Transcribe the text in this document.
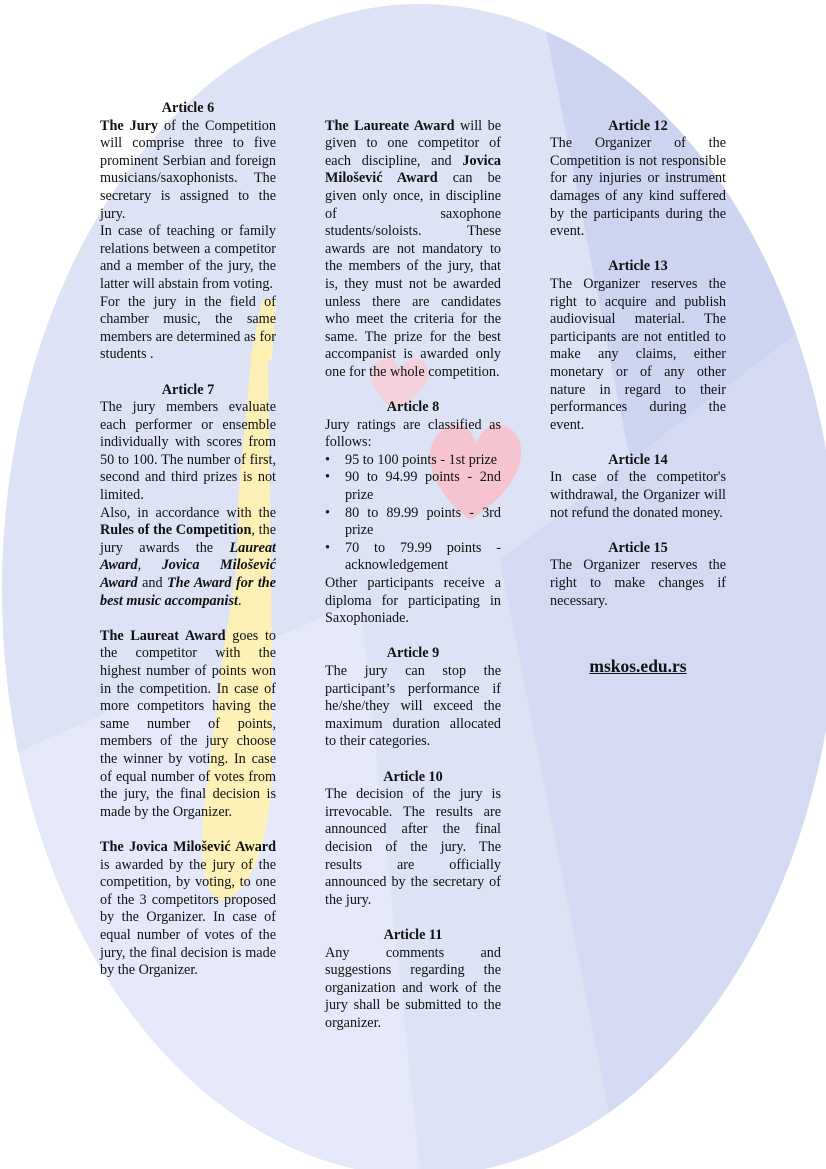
Article 6

The Jury of the Competition will comprise three to five prominent Serbian and foreign musicians/saxophonists. The secretary is assigned to the jury.

In case of teaching or family relations between a competitor and a member of the jury, the latter will abstain from voting.

For the jury in the field of chamber music, the same members are determined as for students .

Article 7

The jury members evaluate each performer or ensemble individually with scores from 50 to 100. The number of first, second and third prizes is not limited.

Also, in accordance with the Rules of the Competition, the jury awards the Laureat Award, Jovica Milošević Award and The Award for the best music accompanist.

The Laureat Award goes to the competitor with the highest number of points won in the competition. In case of more competitors having the same number of points, members of the jury choose the winner by voting. In case of equal number of votes from the jury, the final decision is made by the Organizer.

The Jovica Milošević Award is awarded by the jury of the competition, by voting, to one of the 3 competitors proposed by the Organizer. In case of equal number of votes of the jury, the final decision is made by the Organizer.

The Laureate Award will be given to one competitor of each discipline, and Jovica Milošević Award can be given only once, in discipline of saxophone students/soloists. These awards are not mandatory to the members of the jury, that is, they must not be awarded unless there are candidates who meet the criteria for the same. The prize for the best accompanist is awarded only one for the whole competition.

Article 8

Jury ratings are classified as follows:

• 95 to 100 points - 1st prize
• 90 to 94.99 points - 2nd prize
• 80 to 89.99 points - 3rd prize
• 70 to 79.99 points - acknowledgement

Other participants receive a diploma for participating in Saxophoniade.

Article 9

The jury can stop the participant’s performance if he/she/they will exceed the maximum duration allocated to their categories.

Article 10

The decision of the jury is irrevocable. The results are announced after the final decision of the jury. The results are officially announced by the secretary of the jury.

Article 11

Any comments and suggestions regarding the organization and work of the jury shall be submitted to the organizer.

Article 12

The Organizer of the Competition is not responsible for any injuries or instrument damages of any kind suffered by the participants during the event.

Article 13

The Organizer reserves the right to acquire and publish audiovisual material. The participants are not entitled to make any claims, either monetary or of any other nature in regard to their performances during the event.

Article 14

In case of the competitor's withdrawal, the Organizer will not refund the donated money.

Article 15

The Organizer reserves the right to make changes if necessary.

mskos.edu.rs
